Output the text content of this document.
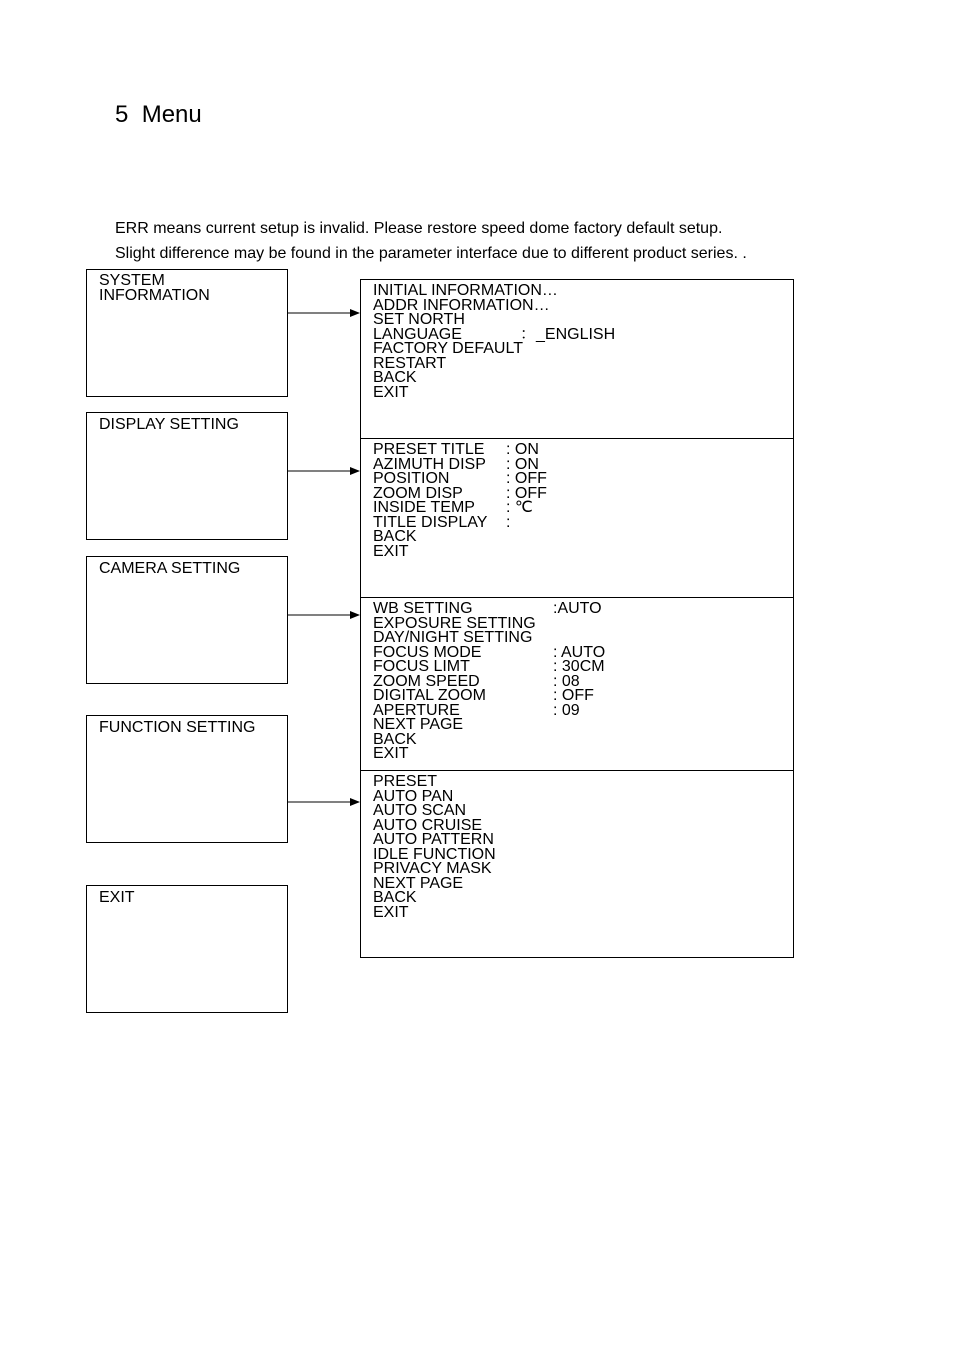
5 Menu
ERR means current setup is invalid. Please restore speed dome factory default setup.
Slight difference may be found in the parameter interface due to different product series. .
SYSTEM INFORMATION
DISPLAY SETTING
CAMERA SETTING
FUNCTION SETTING
EXIT
INITIAL INFORMATION…
ADDR INFORMATION…
SET NORTH
LANGUAGE	：_ENGLISH
FACTORY DEFAULT
RESTART
BACK
EXIT
PRESET TITLE : ON
AZIMUTH DISP : ON
POSITION	: OFF
ZOOM DISP	: OFF
INSIDE TEMP : ℃
TITLE DISPLAY :
BACK
EXIT
WB SETTING	:AUTO
EXPOSURE SETTING
DAY/NIGHT SETTING
FOCUS MODE	: AUTO
FOCUS LIMT	: 30CM
ZOOM SPEED	: 08
DIGITAL ZOOM	: OFF
APERTURE	: 09
NEXT PAGE
BACK
EXIT
PRESET
AUTO PAN
AUTO SCAN
AUTO CRUISE
AUTO PATTERN
IDLE FUNCTION
PRIVACY MASK
NEXT PAGE
BACK
EXIT
